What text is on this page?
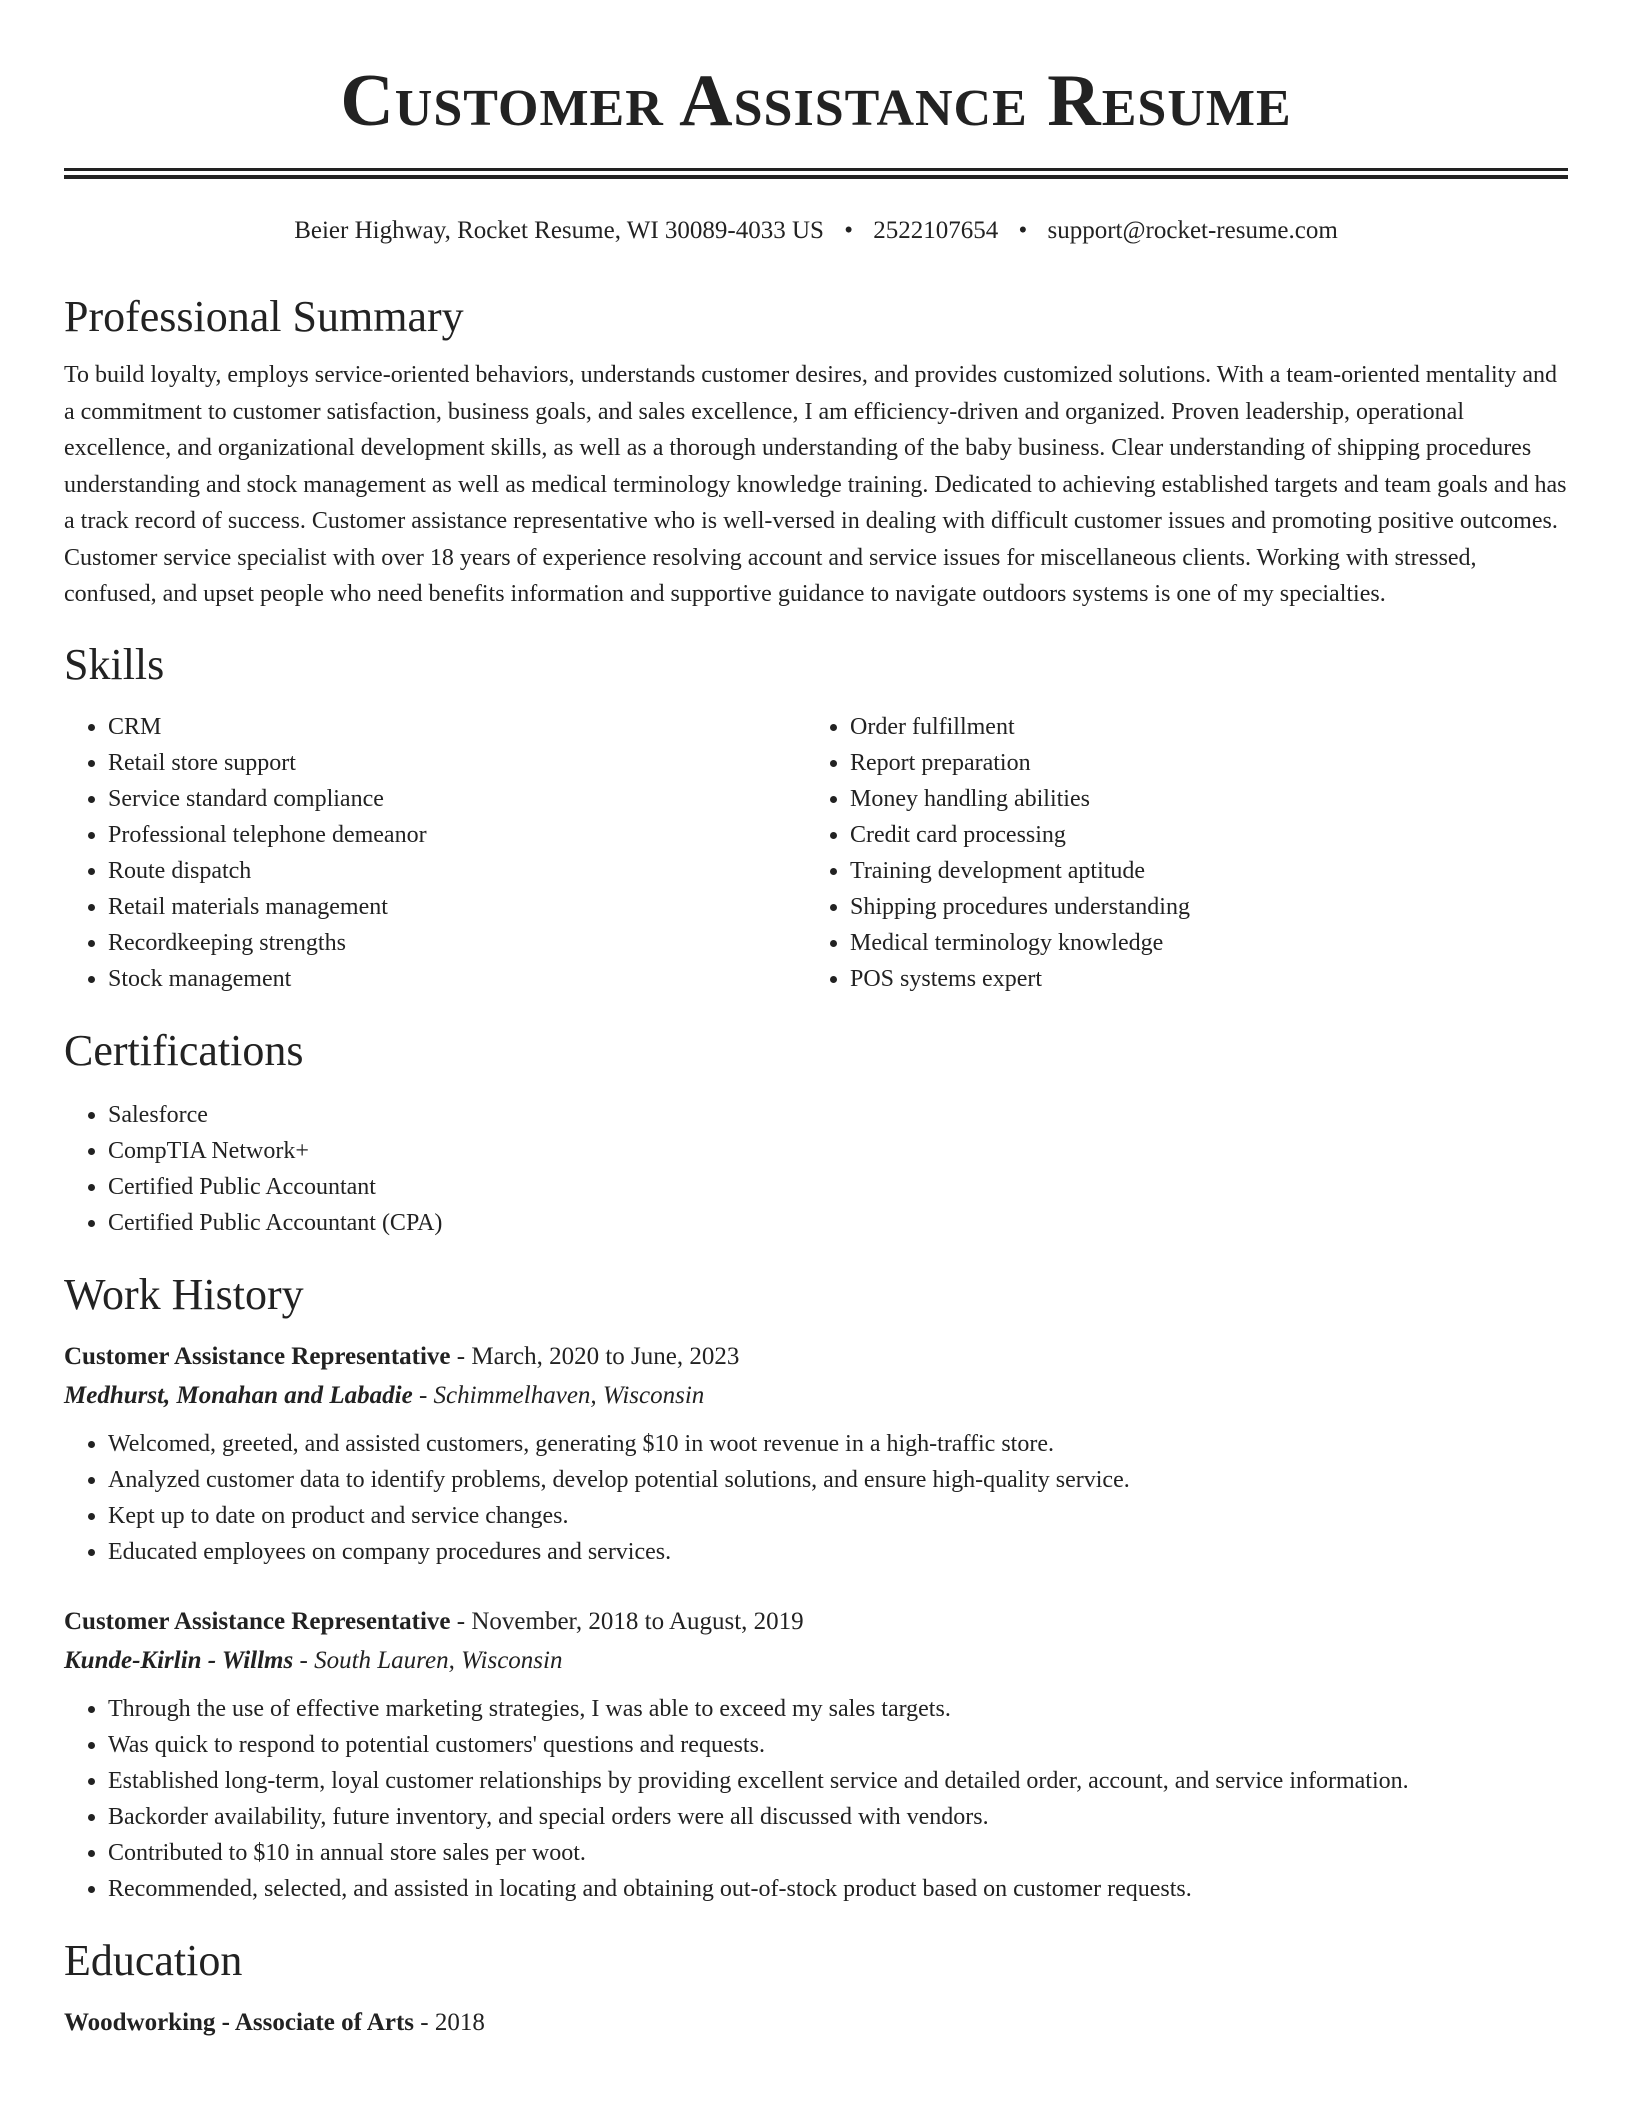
Customer Assistance Resume
Beier Highway, Rocket Resume, WI 30089-4033 US • 2522107654 • support@rocket-resume.com
Professional Summary

To build loyalty, employs service-oriented behaviors, understands customer desires, and provides customized solutions. With a team-oriented mentality and a commitment to customer satisfaction, business goals, and sales excellence, I am efficiency-driven and organized. Proven leadership, operational excellence, and organizational development skills, as well as a thorough understanding of the baby business. Clear understanding of shipping procedures understanding and stock management as well as medical terminology knowledge training. Dedicated to achieving established targets and team goals and has a track record of success. Customer assistance representative who is well-versed in dealing with difficult customer issues and promoting positive outcomes. Customer service specialist with over 18 years of experience resolving account and service issues for miscellaneous clients. Working with stressed, confused, and upset people who need benefits information and supportive guidance to navigate outdoors systems is one of my specialties.

Skills
• CRM
• Retail store support
• Service standard compliance
• Professional telephone demeanor
• Route dispatch
• Retail materials management
• Recordkeeping strengths
• Stock management
• Order fulfillment
• Report preparation
• Money handling abilities
• Credit card processing
• Training development aptitude
• Shipping procedures understanding
• Medical terminology knowledge
• POS systems expert
Certifications
• Salesforce
• CompTIA Network+
• Certified Public Accountant
• Certified Public Accountant (CPA)
Work History
Customer Assistance Representative - March, 2020 to June, 2023
Medhurst, Monahan and Labadie - Schimmelhaven, Wisconsin
• Welcomed, greeted, and assisted customers, generating $10 in woot revenue in a high-traffic store.
• Analyzed customer data to identify problems, develop potential solutions, and ensure high-quality service.
• Kept up to date on product and service changes.
• Educated employees on company procedures and services.
Customer Assistance Representative - November, 2018 to August, 2019
Kunde-Kirlin - Willms - South Lauren, Wisconsin
• Through the use of effective marketing strategies, I was able to exceed my sales targets.
• Was quick to respond to potential customers' questions and requests.
• Established long-term, loyal customer relationships by providing excellent service and detailed order, account, and service information.
• Backorder availability, future inventory, and special orders were all discussed with vendors.
• Contributed to $10 in annual store sales per woot.
• Recommended, selected, and assisted in locating and obtaining out-of-stock product based on customer requests.
Education
Woodworking - Associate of Arts - 2018
